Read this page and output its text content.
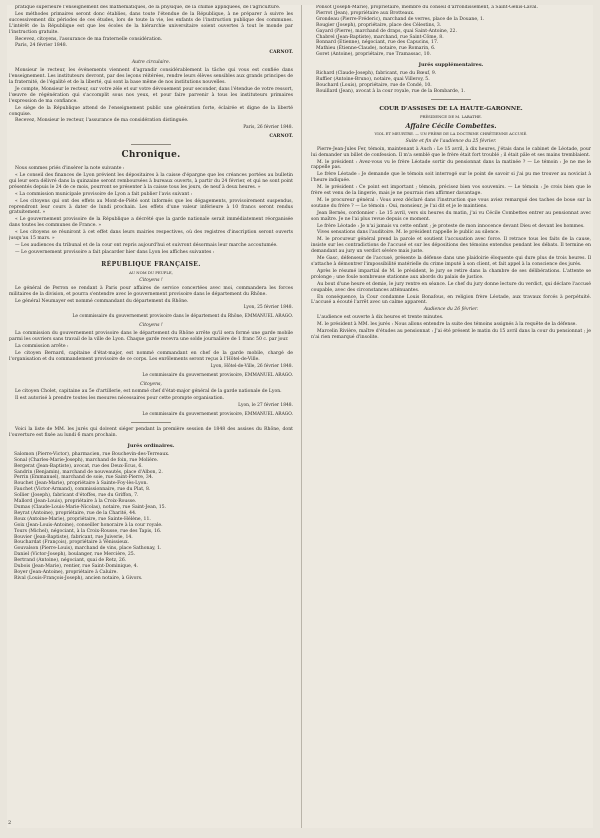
pratique supérieure l'enseignement des mathématiques, de la physique, de la chimie appliquées, de l'agriculture.

Les méthodes primaires seront donc établies, dans toute l'étendue de la République, à ne préparer à suivre les successivement dix périodes de ces études, lors de toute la vie, les enfants de l'instruction publique des communes. L'intérêt de la République est que les écoles de la hiérarchie universitaire soient ouvertes à tout le monde par l'instruction gratuite.

Recevez, citoyens, l'assurance de ma fraternelle considération.

Paris, 24 février 1848.

CARNOT.
Autre circulaire.

Monsieur le recteur, les événements viennent d'agrandir considérablement la tâche qui vous est confiée dans l'enseignement. Les instituteurs devront, par des leçons réitérées, rendre leurs élèves sensibles aux grands principes de la fraternité, de l'égalité et de la liberté, qui sont la base même de nos institutions nouvelles.

Je compte, Monsieur le recteur, sur votre zèle et sur votre dévouement pour seconder, dans l'étendue de votre ressort, l'œuvre de régénération qui s'accomplit sous nos yeux, et pour faire parvenir à tous les instituteurs primaires l'expression de ma confiance.

Le siège de la République attend de l'enseignement public une génération forte, éclairée et digne de la liberté conquise.

Recevez, Monsieur le recteur, l'assurance de ma considération distinguée.

Paris, 26 février 1848.
CARNOT.
Chronique.

Nous sommes priés d'insérer la note suivante :

« Le conseil des finances de Lyon prévient les dépositaires à la caisse d'épargne que les créances portées au bulletin qui leur sera délivré dans la quinzaine seront remboursées à bureaux ouverts, à partir du 24 février, et qui ne sont point présentés depuis le 24 de ce mois, pourront se présenter à la caisse tous les jours, de neuf à deux heures. »

« La commission municipale provisoire de Lyon a fait publier l'avis suivant :

« Les citoyens qui ont des effets au Mont-de-Piété sont informés que les dégagements, provisoirement suspendus, reprendront leur cours à dater de lundi prochain. Les effets d'une valeur inférieure à 10 francs seront rendus gratuitement. »

« Le gouvernement provisoire de la République a décrété que la garde nationale serait immédiatement réorganisée dans toutes les communes de France. »

« Les citoyens se réuniront à cet effet dans leurs mairies respectives, où des registres d'inscription seront ouverts jusqu'au 15 mars. »

— Les audiences du tribunal et de la cour ont repris aujourd'hui et suivront désormais leur marche accoutumée.

— Le gouvernement provisoire a fait placarder hier dans Lyon les affiches suivantes :

RÉPUBLIQUE FRANÇAISE.
AU NOM DU PEUPLE,
Citoyens !

Le général de Perron se rendant à Paris pour affaires de service concertées avec moi, commandera les forces militaires de la division, et pourra s'entendre avec le gouvernement provisoire dans le département du Rhône.

Le général Neumayer est nommé commandant du département du Rhône.

Lyon, 25 février 1848.
Le commissaire du gouvernement provisoire dans le département du Rhône, EMMANUEL ARAGO.
Citoyens !

La commission du gouvernement provisoire dans le département du Rhône arrête qu'il sera formé une garde mobile parmi les ouvriers sans travail de la ville de Lyon. Chaque garde recevra une solde journalière de 1 franc 50 c. par jour.

La commission arrête :

Le citoyen Bernard, capitaine d'état-major, est nommé commandant en chef de la garde mobile, chargé de l'organisation et du commandement provisoire de ce corps. Les enrôlements seront reçus à l'Hôtel-de-Ville.

Lyon, Hôtel-de-Ville, 26 février 1848.
Le commissaire du gouvernement provisoire, EMMANUEL ARAGO.
Citoyens,

Le citoyen Cholet, capitaine au 5e d'artillerie, est nommé chef d'état-major général de la garde nationale de Lyon.

Il est autorisé à prendre toutes les mesures nécessaires pour cette prompte organisation.

Lyon, le 27 février 1848.
Le commissaire du gouvernement provisoire, EMMANUEL ARAGO.

Voici la liste de MM. les jurés qui doivent siéger pendant la première session de 1848 des assises du Rhône, dont l'ouverture est fixée au lundi 6 mars prochain.

Jurés ordinaires.

Salomon (Pierre-Victor), pharmacien, rue Bouchevin-des-Terreaux.

Sonal (Charles-Marie-Joseph), marchand de foin, rue Molière.

Bergerat (Jean-Baptiste), avocat, rue des Deux-Écus, 6.

Sandrin (Benjamin), marchand de nouveautés, place d'Albon, 2.

Perrin (Emmanuel), marchand de soie, rue Saint-Pierre, 34.

Rouchet (Jean-Marie), propriétaire à Sainte-Foy-lès-Lyon.

Fauchet (Victor-Armand), commissionnaire, rue du Plat, 8.

Sollier (Joseph), fabricant d'étoffes, rue du Griffon, 7.

Mallord (Jean-Louis), propriétaire à la Croix-Rousse.

Dumas (Claude-Louis-Marie-Nicolas), notaire, rue Saint-Jean, 15.

Reyrat (Antoine), propriétaire, rue de la Charité, 44.

Roux (Antoine-Marie), propriétaire, rue Sainte-Hélène, 11.

Goix (Jean-Louis-Antoine), conseiller honoraire à la cour royale.

Tours (Michel), négociant, à la Croix-Rousse, rue des Tapis, 16.

Bouvier (Jean-Baptiste), fabricant, rue Juiverie, 14.

Bouchardat (François), propriétaire à Vénissieux.

Gouvalson (Pierre-Louis), marchand de vins, place Sathonay, 1.

Daniel (Victor-Joseph), boulanger, rue Mercière, 25.

Bertrand (Antoine), négociant, quai de Retz, 26.

Dubois (Jean-Marie), rentier, rue Saint-Dominique, 4.

Boyer (Jean-Antoine), propriétaire à Caluire.

Rival (Louis-François-Joseph), ancien notaire, à Givors.

Ponsot (Joseph-Marie), propriétaire, membre du conseil d'arrondissement, à Saint-Genis-Laval.

Pierrot (Jean), propriétaire aux Brotteaux.

Grondeau (Pierre-Fréderic), marchand de verres, place de la Douane, 1.

Rougier (Joseph), propriétaire, place des Célestins, 3.

Gayard (Pierre), marchand de draps, quai Saint-Antoine, 22.

Chabrel (Jean-Baptiste), marchand, rue Saint-Côme, 8.

Bonnard (Etienne), négociant, rue des Capucins, 17.

Mathieu (Étienne-Claude), notaire, rue Romarin, 6.

Goret (Antoine), propriétaire, rue Tramassac, 10.

Jurés supplémentaires.

Richard (Claude-Joseph), fabricant, rue du Bœuf, 9.

Ruffier (Antoine-Bruno), notaire, quai Villeroy, 5.

Bouchard (Louis), propriétaire, rue de Condé, 10.

Rouillard (Jean), avocat à la cour royale, rue de la Bombarde, 1.

COUR D'ASSISES DE LA HAUTE-GARONNE.
PRÉSIDENCE DE M. LABATHE.
Affaire Cécile Combettes.
VIOL ET MEURTRE. — UN FRÈRE DE LA DOCTRINE CHRÉTIENNE ACCUSÉ.
Suite et fin de l'audience du 25 février.

Pierre-Jean-Jules Fer, témoin, maintenant à Auch : Le 15 avril, à dix heures, j'étais dans le cabinet de Léotade, pour lui demander un billet de confession. Il m'a semblé que le frère était fort troublé ; il était pâle et ses mains tremblaient.

M. le président : Avez-vous vu le frère Léotade sortir du pensionnat dans la matinée ? — Le témoin : Je ne me le rappelle pas.

Le frère Léotade : Je demande que le témoin soit interrogé sur le point de savoir si j'ai pu me trouver au noviciat à l'heure indiquée.

M. le président : Ce point est important ; témoin, précisez bien vos souvenirs. — Le témoin : Je crois bien que le frère est venu de la lingerie, mais je ne pourrais rien affirmer davantage.

M. le procureur général : Vous avez déclaré dans l'instruction que vous aviez remarqué des taches de boue sur la soutane du frère ? — Le témoin : Oui, monsieur, je l'ai dit et je le maintiens.

Jean Bernès, cordonnier : Le 15 avril, vers six heures du matin, j'ai vu Cécile Combettes entrer au pensionnat avec son maître. Je ne l'ai plus revue depuis ce moment.

Le frère Léotade : Je n'ai jamais vu cette enfant ; je proteste de mon innocence devant Dieu et devant les hommes.

Vives sensations dans l'auditoire. M. le président rappelle le public au silence.

M. le procureur général prend la parole et soutient l'accusation avec force. Il retrace tous les faits de la cause, insiste sur les contradictions de l'accusé et sur les dépositions des témoins entendus pendant les débats. Il termine en demandant au jury un verdict sévère mais juste.

Me Gasc, défenseur de l'accusé, présente la défense dans une plaidoirie éloquente qui dure plus de trois heures. Il s'attache à démontrer l'impossibilité matérielle du crime imputé à son client, et fait appel à la conscience des jurés.

Après le résumé impartial de M. le président, le jury se retire dans la chambre de ses délibérations. L'attente se prolonge ; une foule nombreuse stationne aux abords du palais de justice.

Au bout d'une heure et demie, le jury rentre en séance. Le chef du jury donne lecture du verdict, qui déclare l'accusé coupable, avec des circonstances atténuantes.

En conséquence, la Cour condamne Louis Bonafous, en religion frère Léotade, aux travaux forcés à perpétuité. L'accusé a écouté l'arrêt avec un calme apparent.

Audience du 26 février.

L'audience est ouverte à dix heures et trente minutes.

M. le président à MM. les jurés : Nous allons entendre la suite des témoins assignés à la requête de la défense.

Marcelin Rivière, maître d'études au pensionnat : J'ai été présent le matin du 15 avril dans la cour du pensionnat ; je n'ai rien remarqué d'insolite.

2
